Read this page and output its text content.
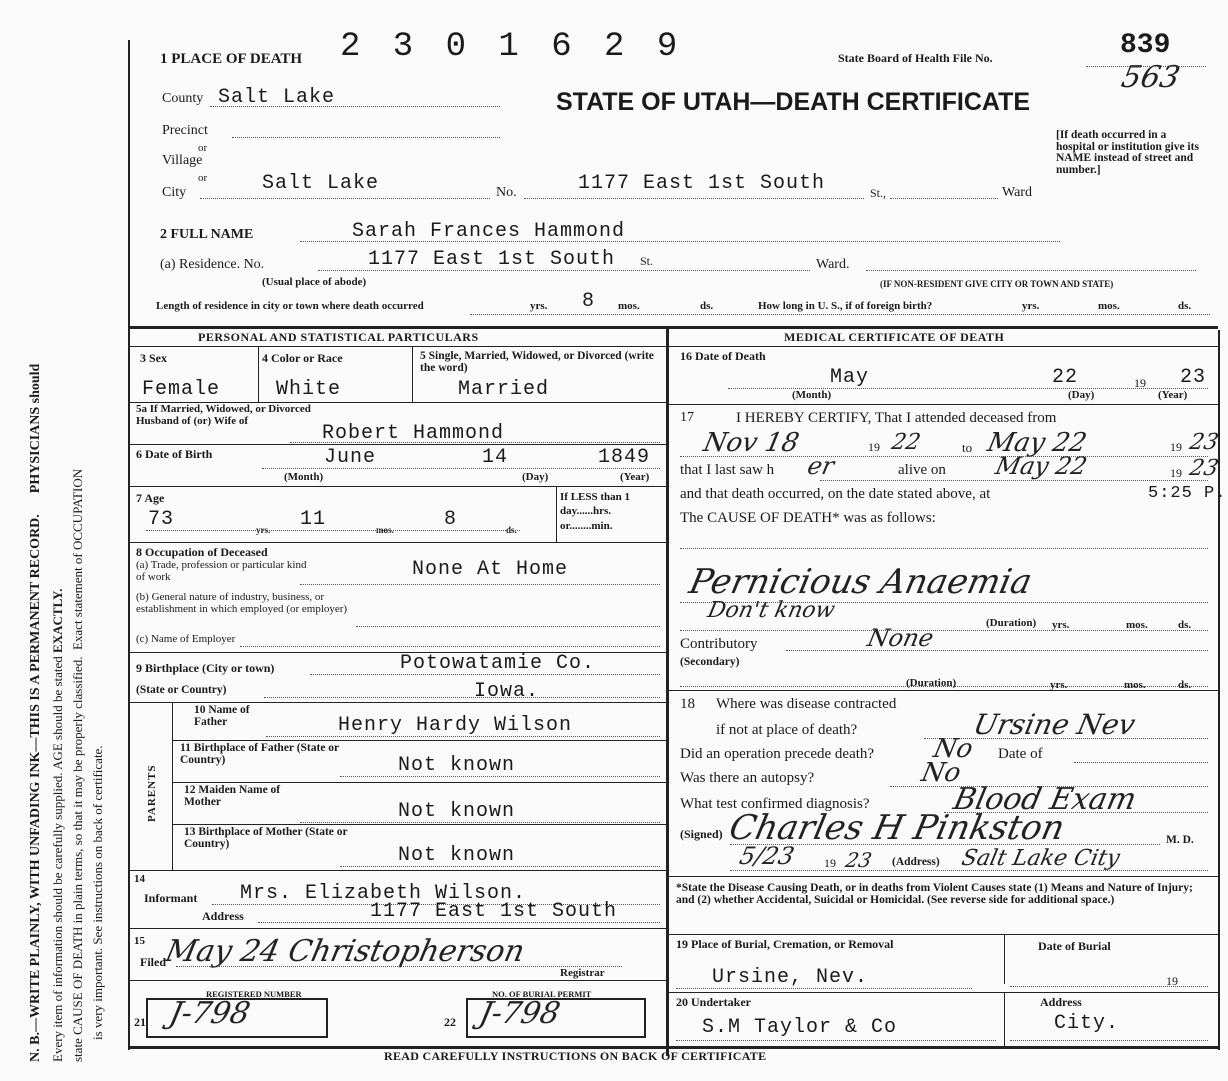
N. B.—WRITE PLAINLY, WITH UNFADING INK—THIS IS A PERMANENT RECORD.      PHYSICIANS should
Every item of information should be carefully supplied. AGE should be stated EXACTLY.
state CAUSE OF DEATH in plain terms, so that it may be properly classified.  Exact statement of OCCUPATION
is very important. See instructions on back of certificate.
1 PLACE OF DEATH 2 3 0 1 6 2 9	State Board of Health File No.	839
563
STATE OF UTAH—DEATH CERTIFICATE
County Salt Lake
Precinct
or
Village
or
City	Salt Lake	No.	1177 East 1st South	St.,	Ward
[If death occurred in a hospital or institution give its NAME instead of street and number.]
2 FULL NAME	Sarah Frances Hammond
(a) Residence. No.	1177 East 1st South St.	Ward.
(Usual place of abode)	(IF NON-RESIDENT GIVE CITY OR TOWN AND STATE)
Length of residence in city or town where death occurred	yrs. 8 mos.	ds.	How long in U. S., if of foreign birth?	yrs.	mos.	ds.
PERSONAL AND STATISTICAL PARTICULARS
3 Sex
Female
4 Color or Race
White
5 Single, Married, Widowed, or Divorced (write the word)
Married
5a If Married, Widowed, or Divorced Husband of (or) Wife of
Robert Hammond
6 Date of Birth	June	14	1849
(Month)	(Day)	(Year)
7 Age
73	yrs. 11	mos.	8	ds.
If LESS than 1 day......hrs. or........min.
8 Occupation of Deceased
(a) Trade, profession or particular kind of work	None At Home
(b) General nature of industry, business, or establishment in which employed (or employer)
(c) Name of Employer
9 Birthplace (City or town)	Potowatamie Co.
(State or Country)	Iowa.
PARENTS
10 Name of Father	Henry Hardy Wilson
11 Birthplace of Father (State or Country)	Not known
12 Maiden Name of Mother	Not known
13 Birthplace of Mother (State or Country)	Not known
14
Informant Mrs. Elizabeth Wilson.
Address	1177 East 1st South
15
Filed
May 24 Christopherson
Registrar
REGISTERED NUMBER
21 J-798
NO. OF BURIAL PERMIT
22 J-798
MEDICAL CERTIFICATE OF DEATH
16 Date of Death
May	22	19 23
(Month)	(Day)	(Year)
17	I HEREBY CERTIFY, That I attended deceased from
Nov 18	19 22	to May 22	19 23
that I last saw h er	alive on May 22	19 23
and that death occurred, on the date stated above, at	5:25 P.
The CAUSE OF DEATH* was as follows:
Pernicious Anaemia
Don't know	(Duration) yrs.	mos.	ds.
Contributory
(Secondary)
None
(Duration)	yrs.	mos.	ds.
18 Where was disease contracted
if not at place of death?	Ursine Nev
Did an operation precede death? No Date of
Was there an autopsy?	No
What test confirmed diagnosis?	Blood Exam
(Signed) Charles H Pinkston	M. D.
5/23 19 23 (Address) Salt Lake City
*State the Disease Causing Death, or in deaths from Violent Causes state (1) Means and Nature of Injury; and (2) whether Accidental, Suicidal or Homicidal. (See reverse side for additional space.)
19 Place of Burial, Cremation, or Removal
Ursine, Nev.
Date of Burial
19
20 Undertaker
S.M Taylor & Co
Address
City.
READ CAREFULLY INSTRUCTIONS ON BACK OF CERTIFICATE
